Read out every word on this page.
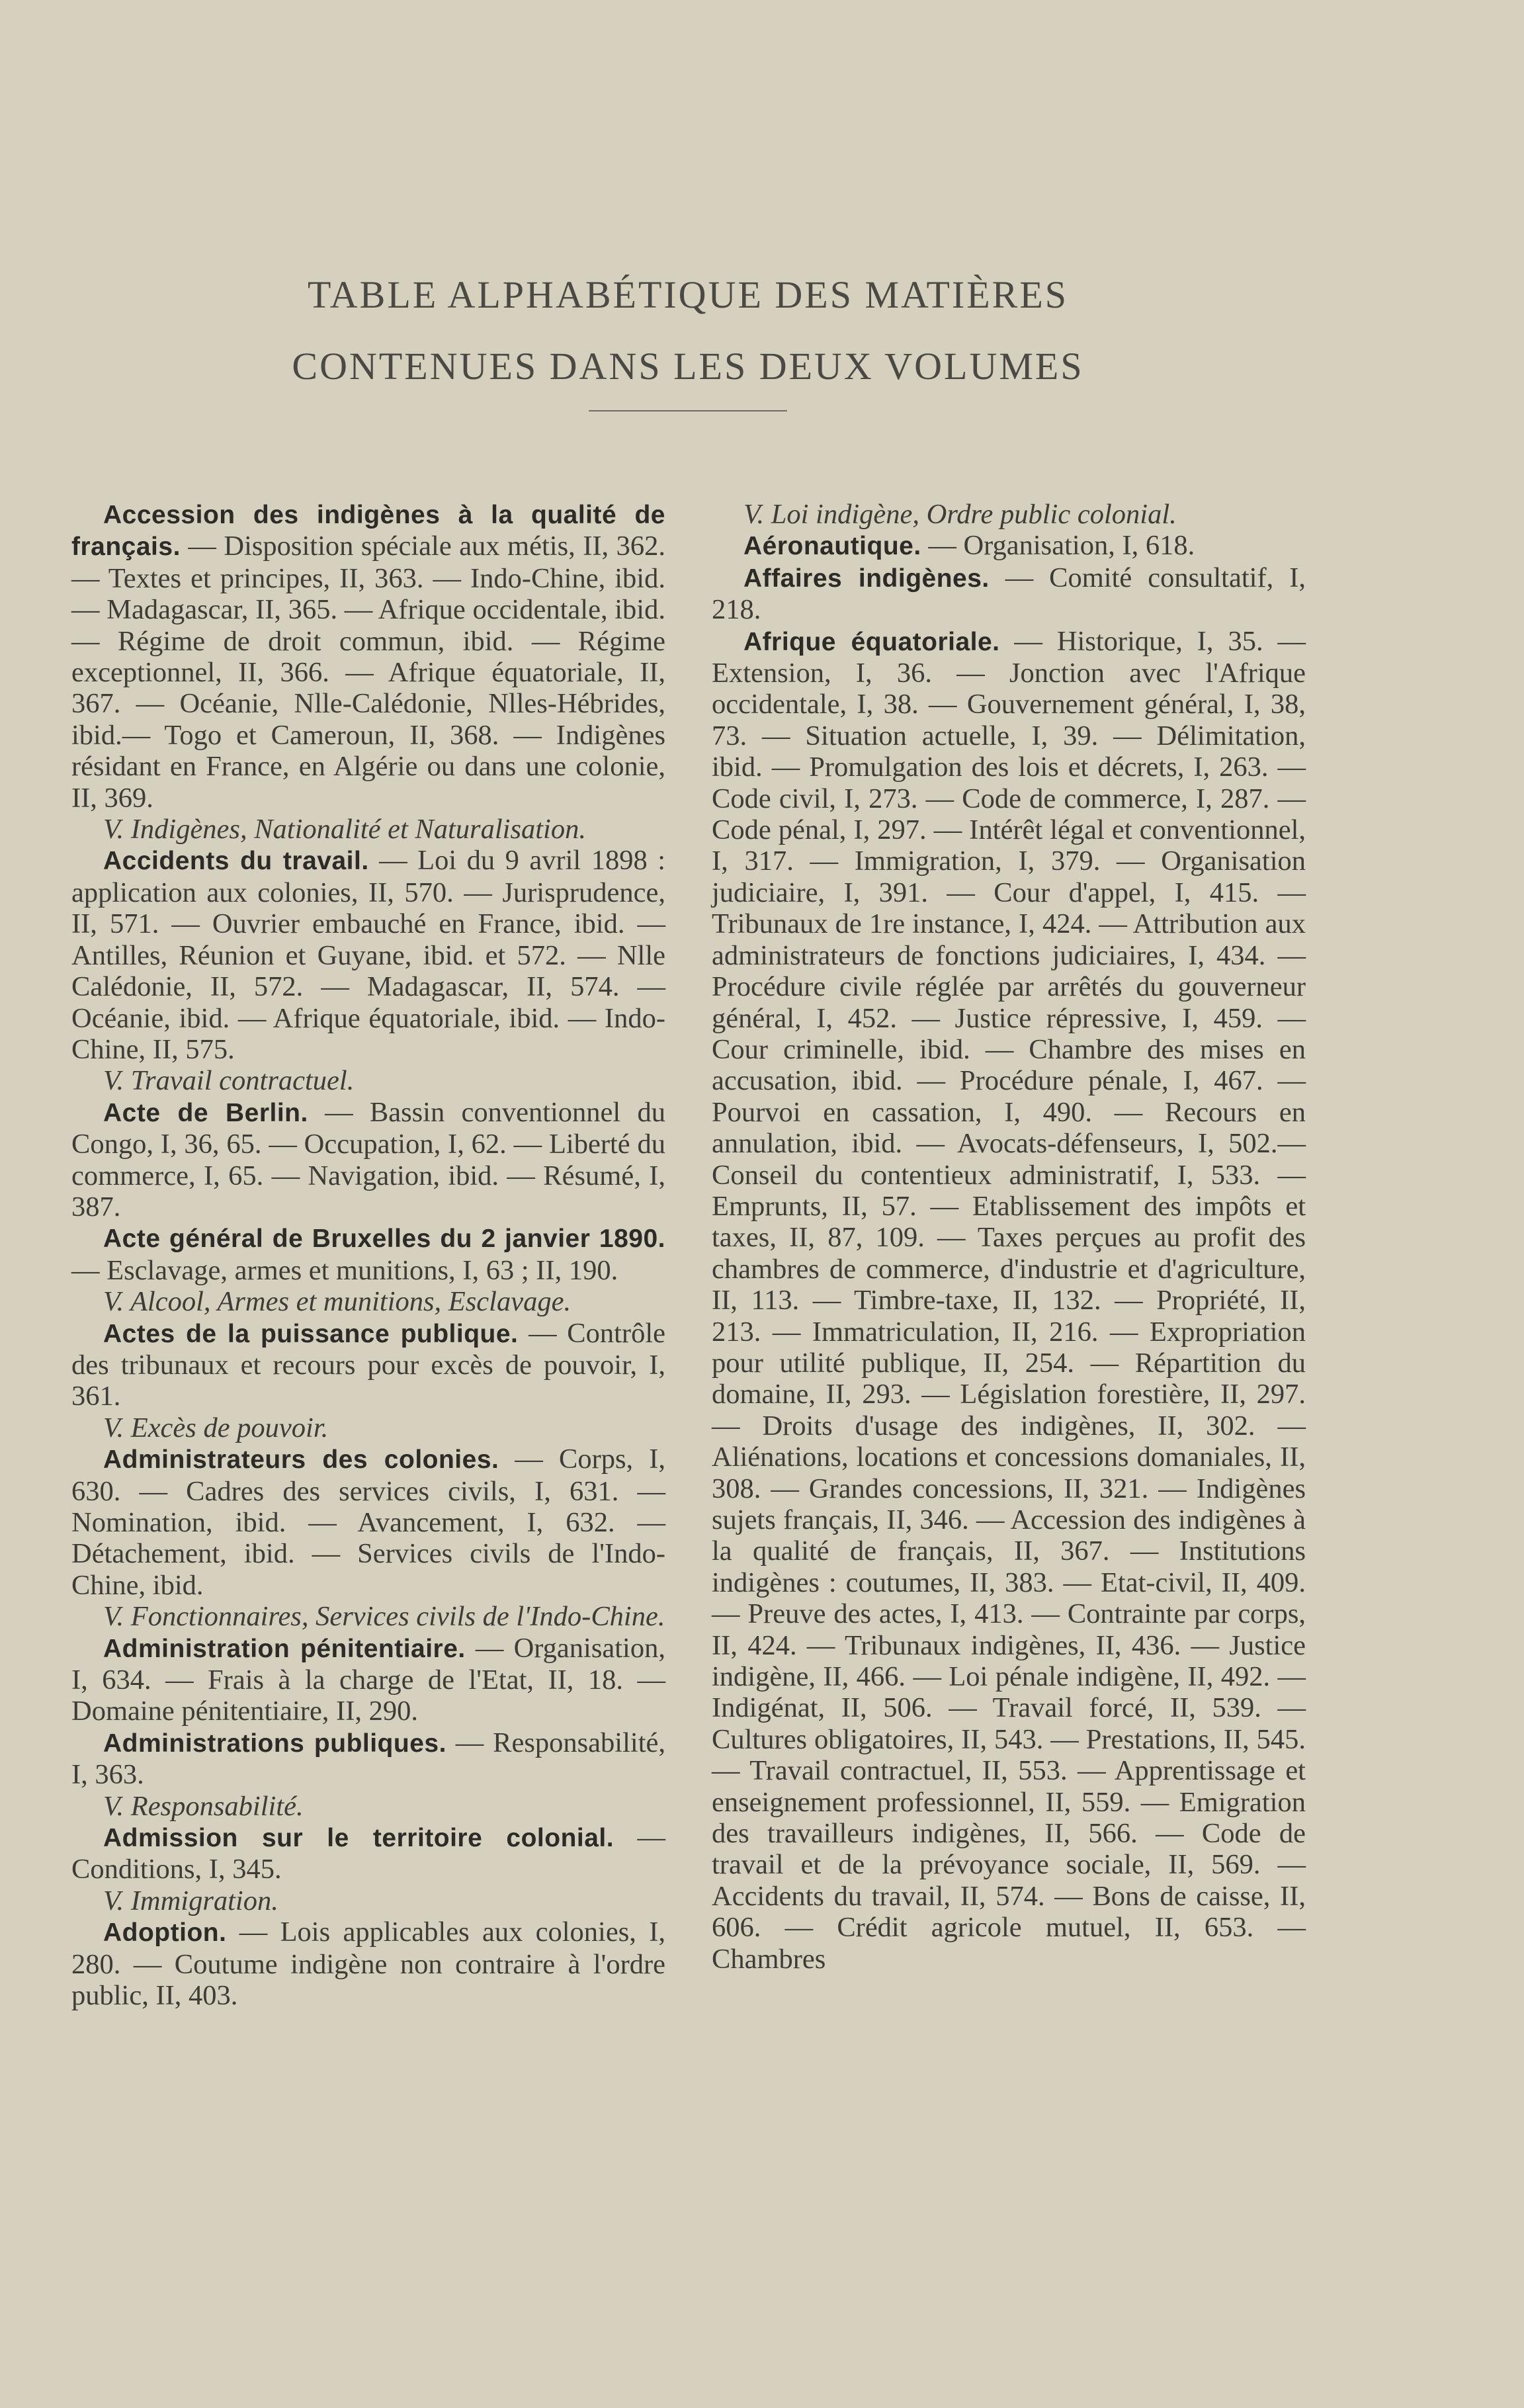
TABLE ALPHABÉTIQUE DES MATIÈRES
CONTENUES DANS LES DEUX VOLUMES

Accession des indigènes à la qualité de français. — Disposition spéciale aux métis, II, 362. — Textes et principes, II, 363. — Indo-Chine, ibid. — Madagascar, II, 365. — Afrique occidentale, ibid. — Régime de droit commun, ibid. — Régime exceptionnel, II, 366. — Afrique équatoriale, II, 367. — Océanie, Nlle-Calédonie, Nlles-Hébrides, ibid.— Togo et Cameroun, II, 368. — Indigènes résidant en France, en Algérie ou dans une colonie, II, 369.

V. Indigènes, Nationalité et Naturalisation.

Accidents du travail. — Loi du 9 avril 1898 : application aux colonies, II, 570. — Jurisprudence, II, 571. — Ouvrier embauché en France, ibid. — Antilles, Réunion et Guyane, ibid. et 572. — Nlle Calédonie, II, 572. — Madagascar, II, 574. — Océanie, ibid. — Afrique équatoriale, ibid. — Indo-Chine, II, 575.

V. Travail contractuel.

Acte de Berlin. — Bassin conventionnel du Congo, I, 36, 65. — Occupation, I, 62. — Liberté du commerce, I, 65. — Navigation, ibid. — Résumé, I, 387.

Acte général de Bruxelles du 2 janvier 1890. — Esclavage, armes et munitions, I, 63 ; II, 190.

V. Alcool, Armes et munitions, Esclavage.

Actes de la puissance publique. — Contrôle des tribunaux et recours pour excès de pouvoir, I, 361.

V. Excès de pouvoir.

Administrateurs des colonies. — Corps, I, 630. — Cadres des services civils, I, 631. — Nomination, ibid. — Avancement, I, 632. — Détachement, ibid. — Services civils de l'Indo-Chine, ibid.

V. Fonctionnaires, Services civils de l'Indo-Chine.

Administration pénitentiaire. — Organisation, I, 634. — Frais à la charge de l'Etat, II, 18. — Domaine pénitentiaire, II, 290.

Administrations publiques. — Responsabilité, I, 363.

V. Responsabilité.

Admission sur le territoire colonial. — Conditions, I, 345.

V. Immigration.

Adoption. — Lois applicables aux colonies, I, 280. — Coutume indigène non contraire à l'ordre public, II, 403.

V. Loi indigène, Ordre public colonial.

Aéronautique. — Organisation, I, 618.

Affaires indigènes. — Comité consultatif, I, 218.

Afrique équatoriale. — Historique, I, 35. — Extension, I, 36. — Jonction avec l'Afrique occidentale, I, 38. — Gouvernement général, I, 38, 73. — Situation actuelle, I, 39. — Délimitation, ibid. — Promulgation des lois et décrets, I, 263. — Code civil, I, 273. — Code de commerce, I, 287. — Code pénal, I, 297. — Intérêt légal et conventionnel, I, 317. — Immigration, I, 379. — Organisation judiciaire, I, 391. — Cour d'appel, I, 415. — Tribunaux de 1re instance, I, 424. — Attribution aux administrateurs de fonctions judiciaires, I, 434. — Procédure civile réglée par arrêtés du gouverneur général, I, 452. — Justice répressive, I, 459. — Cour criminelle, ibid. — Chambre des mises en accusation, ibid. — Procédure pénale, I, 467. — Pourvoi en cassation, I, 490. — Recours en annulation, ibid. — Avocats-défenseurs, I, 502.—Conseil du contentieux administratif, I, 533. — Emprunts, II, 57. — Etablissement des impôts et taxes, II, 87, 109. — Taxes perçues au profit des chambres de commerce, d'industrie et d'agriculture, II, 113. — Timbre-taxe, II, 132. — Propriété, II, 213. — Immatriculation, II, 216. — Expropriation pour utilité publique, II, 254. — Répartition du domaine, II, 293. — Législation forestière, II, 297. — Droits d'usage des indigènes, II, 302. — Aliénations, locations et concessions domaniales, II, 308. — Grandes concessions, II, 321. — Indigènes sujets français, II, 346. — Accession des indigènes à la qualité de français, II, 367. — Institutions indigènes : coutumes, II, 383. — Etat-civil, II, 409. — Preuve des actes, I, 413. — Contrainte par corps, II, 424. — Tribunaux indigènes, II, 436. — Justice indigène, II, 466. — Loi pénale indigène, II, 492. — Indigénat, II, 506. — Travail forcé, II, 539. — Cultures obligatoires, II, 543. — Prestations, II, 545. — Travail contractuel, II, 553. — Apprentissage et enseignement professionnel, II, 559. — Emigration des travailleurs indigènes, II, 566. — Code de travail et de la prévoyance sociale, II, 569. — Accidents du travail, II, 574. — Bons de caisse, II, 606. — Crédit agricole mutuel, II, 653. — Chambres
